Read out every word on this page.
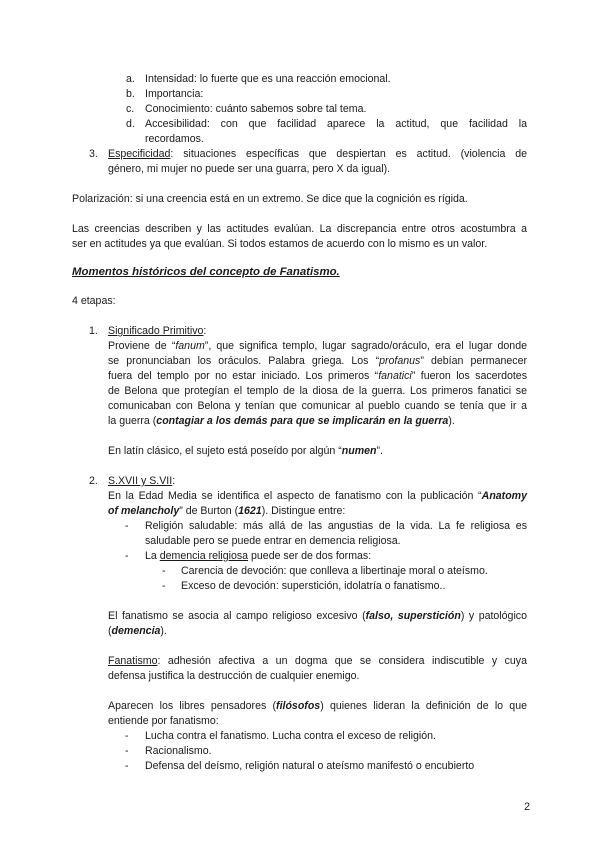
a. Intensidad: lo fuerte que es una reacción emocional.
b. Importancia:
c. Conocimiento: cuánto sabemos sobre tal tema.
d. Accesibilidad: con que facilidad aparece la actitud, que facilidad la
recordamos.
3. Especificidad: situaciones específicas que despiertan es actitud. (violencia de
género, mi mujer no puede ser una guarra, pero X da igual).
Polarización: si una creencia está en un extremo. Se dice que la cognición es rígida.
Las creencias describen y las actitudes evalúan. La discrepancia entre otros acostumbra a
ser en actitudes ya que evalúan. Si todos estamos de acuerdo con lo mismo es un valor.
Momentos históricos del concepto de Fanatismo.
4 etapas:
1. Significado Primitivo:
Proviene de “fanum”, que significa templo, lugar sagrado/oráculo, era el lugar donde
se pronunciaban los oráculos. Palabra griega. Los “profanus” debían permanecer
fuera del templo por no estar iniciado. Los primeros “fanatici” fueron los sacerdotes
de Belona que protegían el templo de la diosa de la guerra. Los primeros fanatici se
comunicaban con Belona y tenían que comunicar al pueblo cuando se tenía que ir a
la guerra (contagiar a los demás para que se implicarán en la guerra).
En latín clásico, el sujeto está poseído por algún “numen”.
2. S.XVII y S.VII:
En la Edad Media se identifica el aspecto de fanatismo con la publicación “Anatomy
of melancholy” de Burton (1621). Distingue entre:
- Religión saludable: más allá de las angustias de la vida. La fe religiosa es
saludable pero se puede entrar en demencia religiosa.
- La demencia religiosa puede ser de dos formas:
- Carencia de devoción: que conlleva a libertinaje moral o ateísmo.
- Exceso de devoción: superstición, idolatría o fanatismo..
El fanatismo se asocia al campo religioso excesivo (falso, superstición) y patológico
(demencia).
Fanatismo: adhesión afectiva a un dogma que se considera indiscutible y cuya
defensa justifica la destrucción de cualquier enemigo.
Aparecen los libres pensadores (filósofos) quienes lideran la definición de lo que
entiende por fanatismo:
- Lucha contra el fanatismo. Lucha contra el exceso de religión.
- Racionalismo.
- Defensa del deísmo, religión natural o ateísmo manifestó o encubierto
2
